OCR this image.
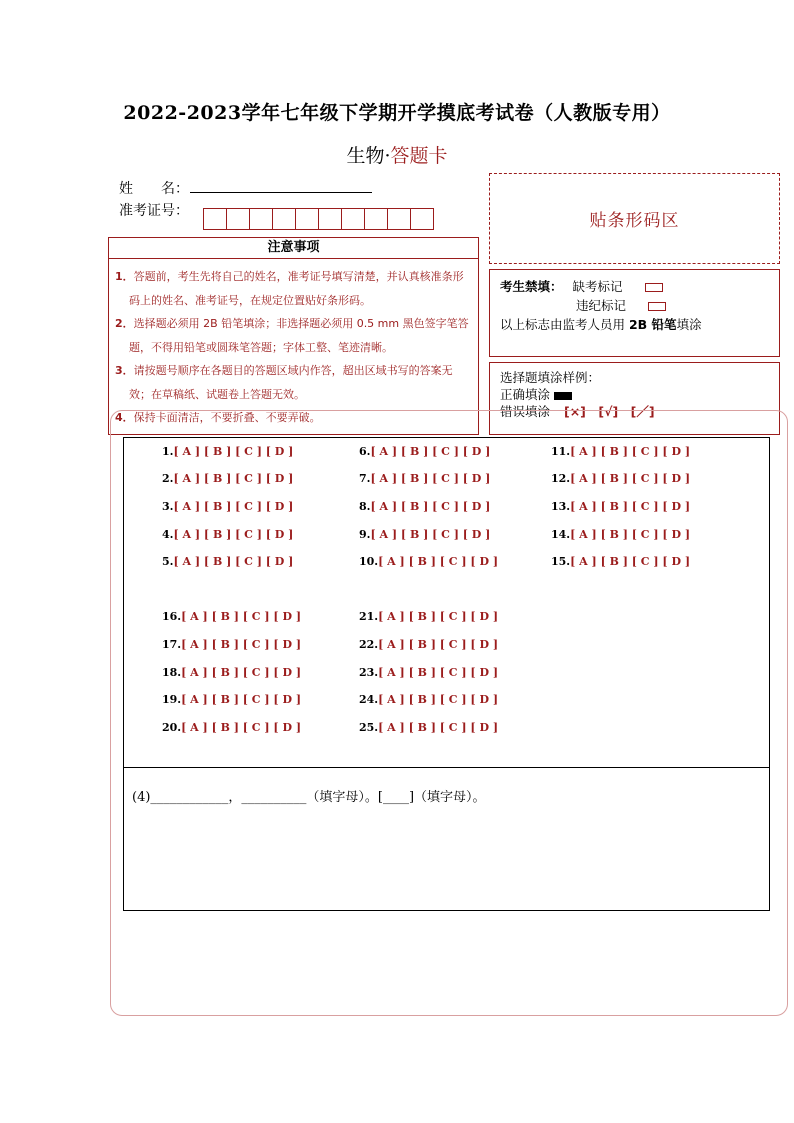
2022-2023学年七年级下学期开学摸底考试卷（人教版专用）
生物·答题卡
姓　　名：
准考证号：	贴条形码区
注意事项
1．答题前，考生先将自己的姓名，准考证号填写清楚，并认真核准条形码上的姓名、准考证号，在规定位置贴好条形码。
2．选择题必须用 2B 铅笔填涂；非选择题必须用 0.5 mm 黑色签字笔答题，不得用铅笔或圆珠笔答题；字体工整、笔迹清晰。
3．请按题号顺序在各题目的答题区域内作答，超出区域书写的答案无效；在草稿纸、试题卷上答题无效。
4．保持卡面清洁，不要折叠、不要弄破。
考生禁填： 缺考标记
违纪标记
以上标志由监考人员用 2B 铅笔填涂
选择题填涂样例：
正确填涂
错误填涂 [×]　[√]　[／]
(4)____________，__________（填字母）。[____]（填字母）。
1.[ A ] [ B ] [ C ] [ D ]
2.[ A ] [ B ] [ C ] [ D ]
3.[ A ] [ B ] [ C ] [ D ]
4.[ A ] [ B ] [ C ] [ D ]
5.[ A ] [ B ] [ C ] [ D ]
6.[ A ] [ B ] [ C ] [ D ]
7.[ A ] [ B ] [ C ] [ D ]
8.[ A ] [ B ] [ C ] [ D ]
9.[ A ] [ B ] [ C ] [ D ]
10.[ A ] [ B ] [ C ] [ D ]
11.[ A ] [ B ] [ C ] [ D ]
12.[ A ] [ B ] [ C ] [ D ]
13.[ A ] [ B ] [ C ] [ D ]
14.[ A ] [ B ] [ C ] [ D ]
15.[ A ] [ B ] [ C ] [ D ]
16.[ A ] [ B ] [ C ] [ D ]
17.[ A ] [ B ] [ C ] [ D ]
18.[ A ] [ B ] [ C ] [ D ]
19.[ A ] [ B ] [ C ] [ D ]
20.[ A ] [ B ] [ C ] [ D ]
21.[ A ] [ B ] [ C ] [ D ]
22.[ A ] [ B ] [ C ] [ D ]
23.[ A ] [ B ] [ C ] [ D ]
24.[ A ] [ B ] [ C ] [ D ]
25.[ A ] [ B ] [ C ] [ D ]
